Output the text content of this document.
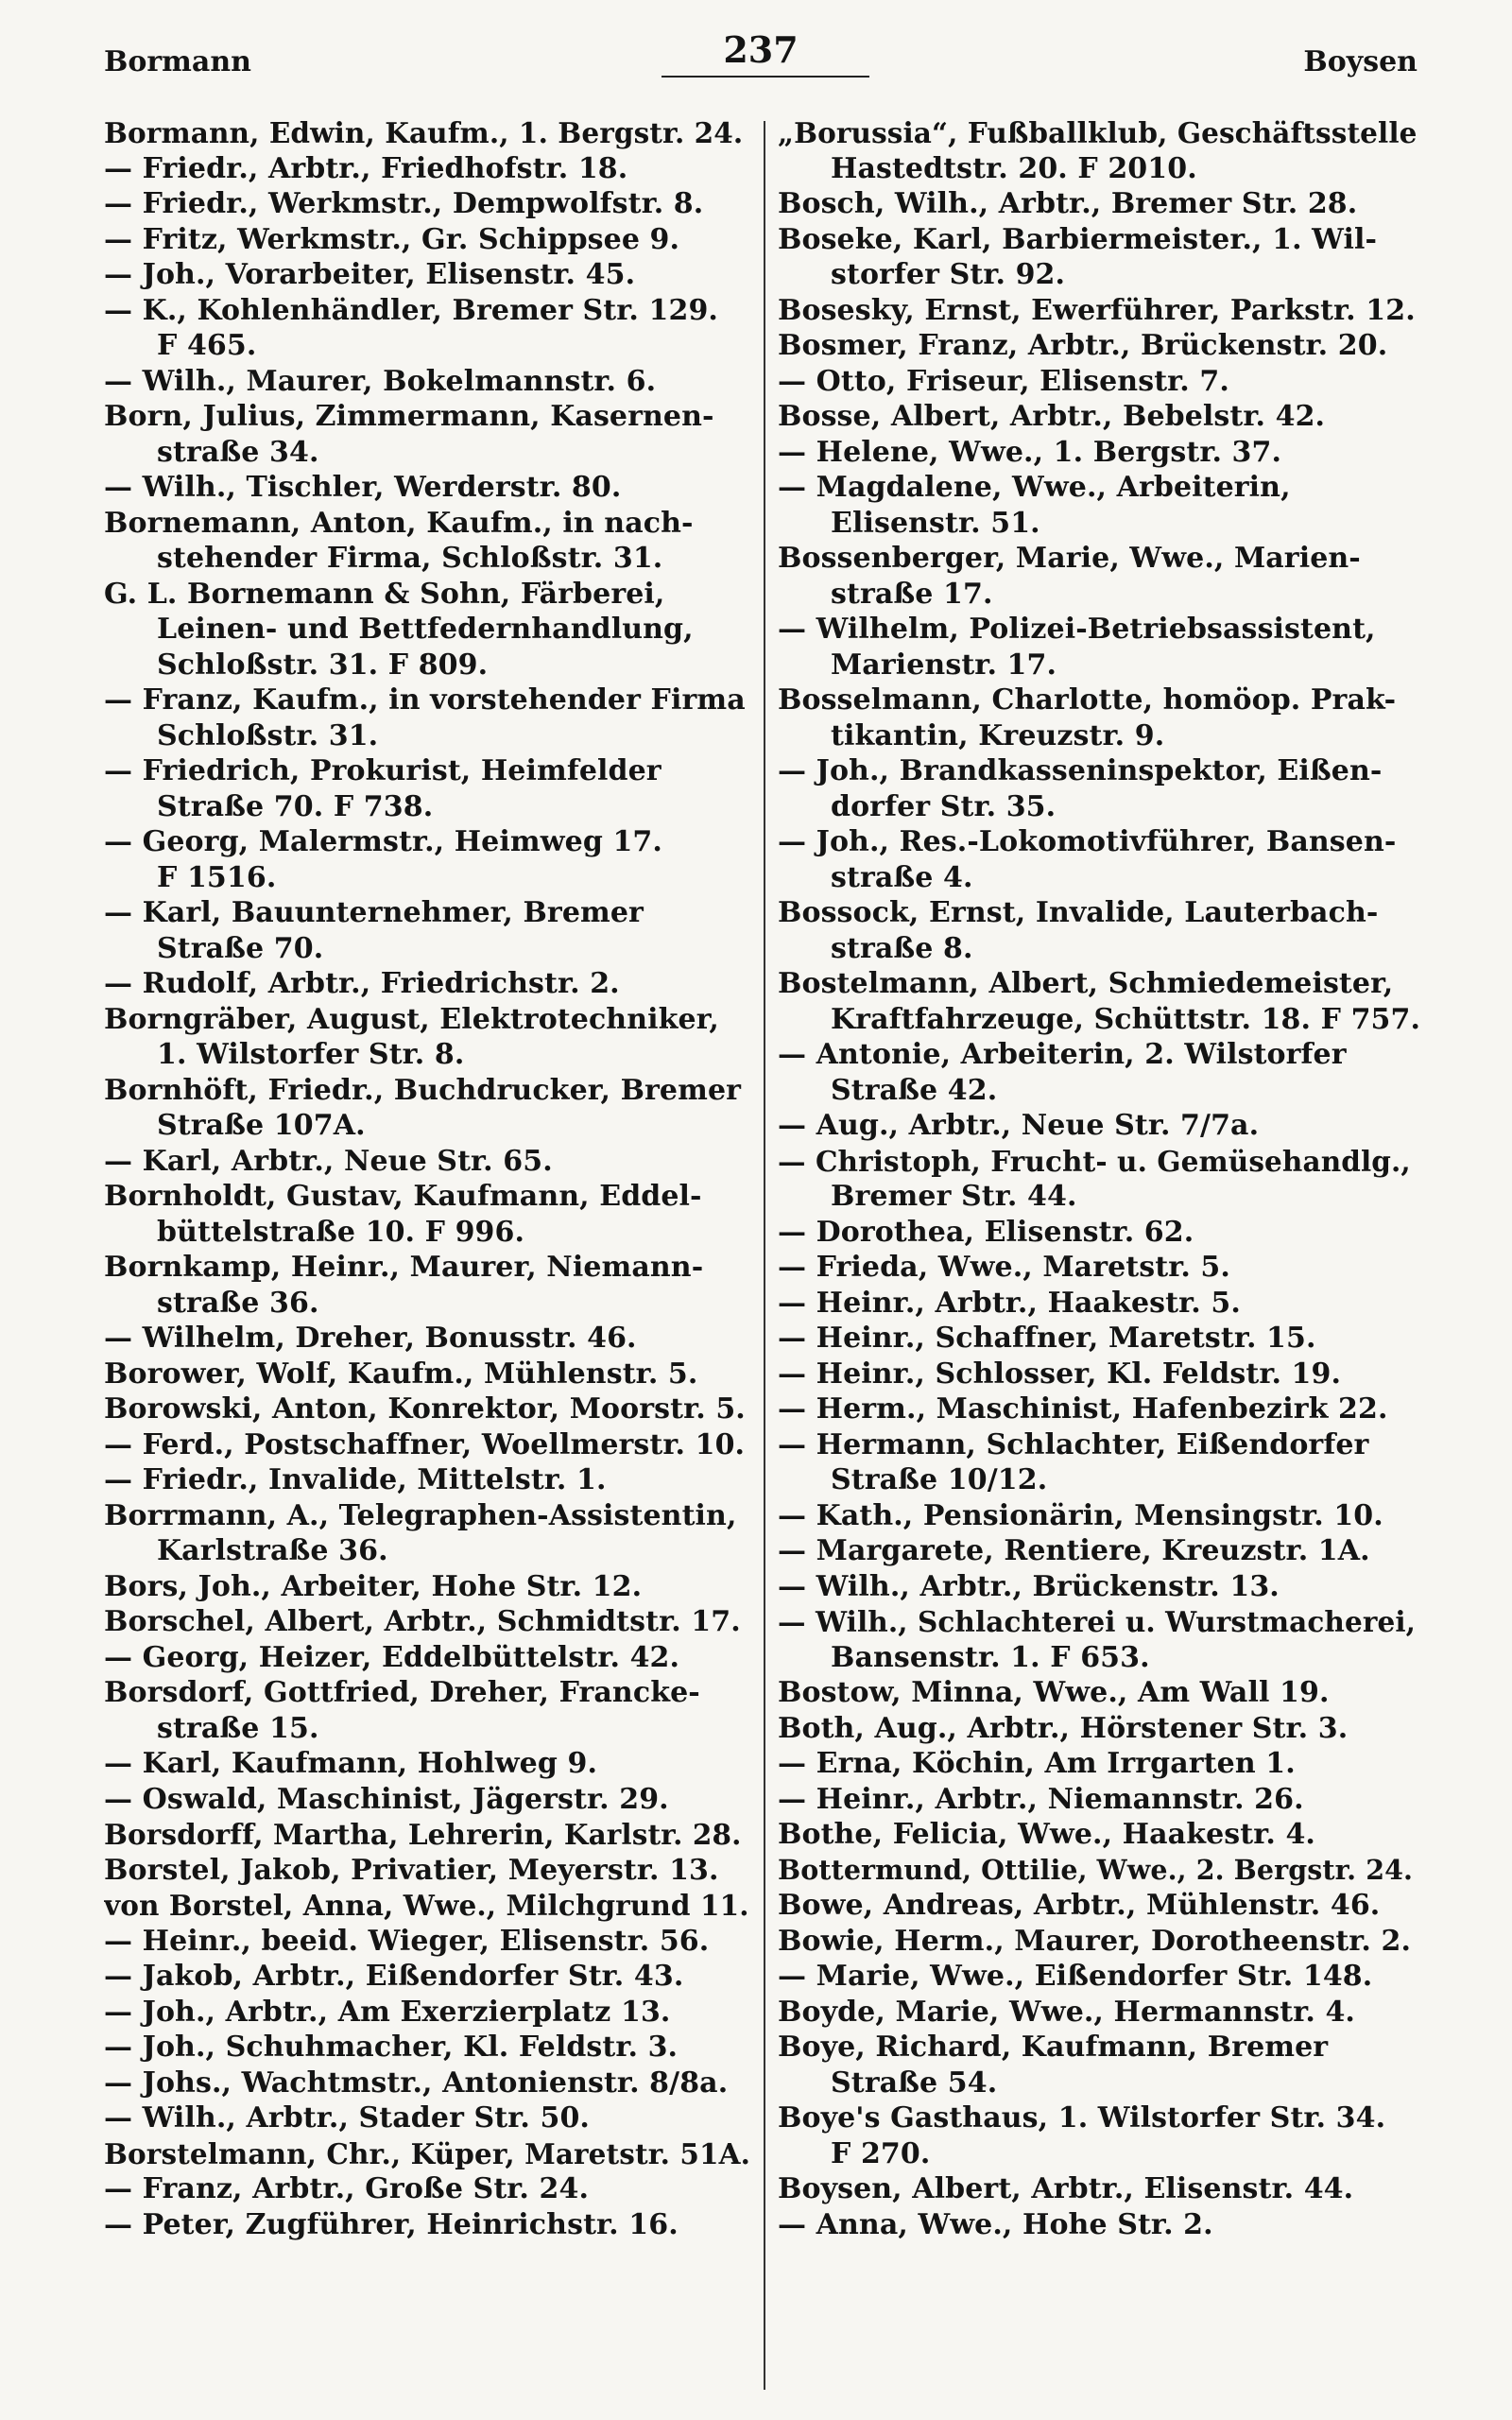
Bormann	237	Boysen
Bormann, Edwin, Kaufm., 1. Bergstr. 24.
— Friedr., Arbtr., Friedhofstr. 18.
— Friedr., Werkmstr., Dempwolfstr. 8.
— Fritz, Werkmstr., Gr. Schippsee 9.
— Joh., Vorarbeiter, Elisenstr. 45.
— K., Kohlenhändler, Bremer Str. 129.
F 465.
— Wilh., Maurer, Bokelmannstr. 6.
Born, Julius, Zimmermann, Kasernen-
straße 34.
— Wilh., Tischler, Werderstr. 80.
Bornemann, Anton, Kaufm., in nach-
stehender Firma, Schloßstr. 31.
G. L. Bornemann & Sohn, Färberei,
Leinen- und Bettfedernhandlung,
Schloßstr. 31. F 809.
— Franz, Kaufm., in vorstehender Firma
Schloßstr. 31.
— Friedrich, Prokurist, Heimfelder
Straße 70. F 738.
— Georg, Malermstr., Heimweg 17.
F 1516.
— Karl, Bauunternehmer, Bremer
Straße 70.
— Rudolf, Arbtr., Friedrichstr. 2.
Borngräber, August, Elektrotechniker,
1. Wilstorfer Str. 8.
Bornhöft, Friedr., Buchdrucker, Bremer
Straße 107A.
— Karl, Arbtr., Neue Str. 65.
Bornholdt, Gustav, Kaufmann, Eddel-
büttelstraße 10. F 996.
Bornkamp, Heinr., Maurer, Niemann-
straße 36.
— Wilhelm, Dreher, Bonusstr. 46.
Borower, Wolf, Kaufm., Mühlenstr. 5.
Borowski, Anton, Konrektor, Moorstr. 5.
— Ferd., Postschaffner, Woellmerstr. 10.
— Friedr., Invalide, Mittelstr. 1.
Borrmann, A., Telegraphen-Assistentin,
Karlstraße 36.
Bors, Joh., Arbeiter, Hohe Str. 12.
Borschel, Albert, Arbtr., Schmidtstr. 17.
— Georg, Heizer, Eddelbüttelstr. 42.
Borsdorf, Gottfried, Dreher, Francke-
straße 15.
— Karl, Kaufmann, Hohlweg 9.
— Oswald, Maschinist, Jägerstr. 29.
Borsdorff, Martha, Lehrerin, Karlstr. 28.
Borstel, Jakob, Privatier, Meyerstr. 13.
von Borstel, Anna, Wwe., Milchgrund 11.
— Heinr., beeid. Wieger, Elisenstr. 56.
— Jakob, Arbtr., Eißendorfer Str. 43.
— Joh., Arbtr., Am Exerzierplatz 13.
— Joh., Schuhmacher, Kl. Feldstr. 3.
— Johs., Wachtmstr., Antonienstr. 8/8a.
— Wilh., Arbtr., Stader Str. 50.
Borstelmann, Chr., Küper, Maretstr. 51A.
— Franz, Arbtr., Große Str. 24.
— Peter, Zugführer, Heinrichstr. 16.
„Borussia“, Fußballklub, Geschäftsstelle
Hastedtstr. 20. F 2010.
Bosch, Wilh., Arbtr., Bremer Str. 28.
Boseke, Karl, Barbiermeister., 1. Wil-
storfer Str. 92.
Bosesky, Ernst, Ewerführer, Parkstr. 12.
Bosmer, Franz, Arbtr., Brückenstr. 20.
— Otto, Friseur, Elisenstr. 7.
Bosse, Albert, Arbtr., Bebelstr. 42.
— Helene, Wwe., 1. Bergstr. 37.
— Magdalene, Wwe., Arbeiterin,
Elisenstr. 51.
Bossenberger, Marie, Wwe., Marien-
straße 17.
— Wilhelm, Polizei-Betriebsassistent,
Marienstr. 17.
Bosselmann, Charlotte, homöop. Prak-
tikantin, Kreuzstr. 9.
— Joh., Brandkasseninspektor, Eißen-
dorfer Str. 35.
— Joh., Res.-Lokomotivführer, Bansen-
straße 4.
Bossock, Ernst, Invalide, Lauterbach-
straße 8.
Bostelmann, Albert, Schmiedemeister,
Kraftfahrzeuge, Schüttstr. 18. F 757.
— Antonie, Arbeiterin, 2. Wilstorfer
Straße 42.
— Aug., Arbtr., Neue Str. 7/7a.
— Christoph, Frucht- u. Gemüsehandlg.,
Bremer Str. 44.
— Dorothea, Elisenstr. 62.
— Frieda, Wwe., Maretstr. 5.
— Heinr., Arbtr., Haakestr. 5.
— Heinr., Schaffner, Maretstr. 15.
— Heinr., Schlosser, Kl. Feldstr. 19.
— Herm., Maschinist, Hafenbezirk 22.
— Hermann, Schlachter, Eißendorfer
Straße 10/12.
— Kath., Pensionärin, Mensingstr. 10.
— Margarete, Rentiere, Kreuzstr. 1A.
— Wilh., Arbtr., Brückenstr. 13.
— Wilh., Schlachterei u. Wurstmacherei,
Bansenstr. 1. F 653.
Bostow, Minna, Wwe., Am Wall 19.
Both, Aug., Arbtr., Hörstener Str. 3.
— Erna, Köchin, Am Irrgarten 1.
— Heinr., Arbtr., Niemannstr. 26.
Bothe, Felicia, Wwe., Haakestr. 4.
Bottermund, Ottilie, Wwe., 2. Bergstr. 24.
Bowe, Andreas, Arbtr., Mühlenstr. 46.
Bowie, Herm., Maurer, Dorotheenstr. 2.
— Marie, Wwe., Eißendorfer Str. 148.
Boyde, Marie, Wwe., Hermannstr. 4.
Boye, Richard, Kaufmann, Bremer
Straße 54.
Boye's Gasthaus, 1. Wilstorfer Str. 34.
F 270.
Boysen, Albert, Arbtr., Elisenstr. 44.
— Anna, Wwe., Hohe Str. 2.
